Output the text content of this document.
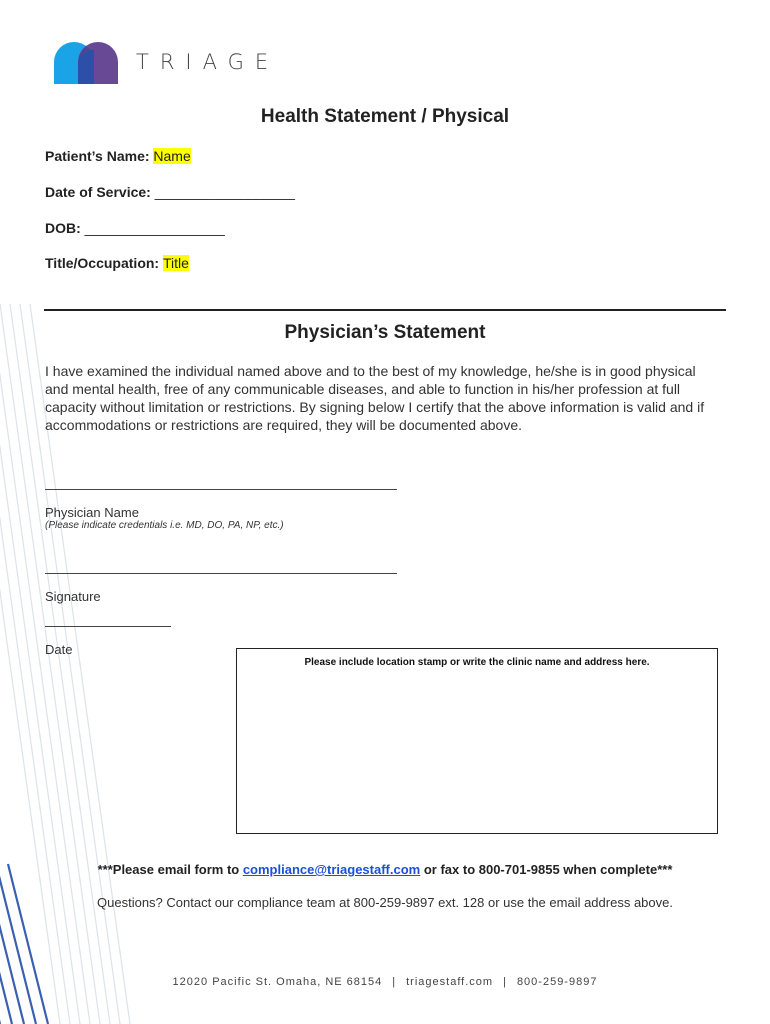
TRIAGE
Health Statement / Physical
Patient’s Name: Name
Date of Service: __________________
DOB: __________________
Title/Occupation: Title
Physician’s Statement
I have examined the individual named above and to the best of my knowledge, he/she is in good physical and mental health, free of any communicable diseases, and able to function in his/her profession at full capacity without limitation or restrictions. By signing below I certify that the above information is valid and if accommodations or restrictions are required, they will be documented above.
Physician Name
(Please indicate credentials i.e. MD, DO, PA, NP, etc.)
Signature
Date
Please include location stamp or write the clinic name and address here.
***Please email form to compliance@triagestaff.com or fax to 800-701-9855 when complete***
Questions? Contact our compliance team at 800-259-9897 ext. 128 or use the email address above.
12020 Pacific St. Omaha, NE 68154 | triagestaff.com | 800-259-9897
